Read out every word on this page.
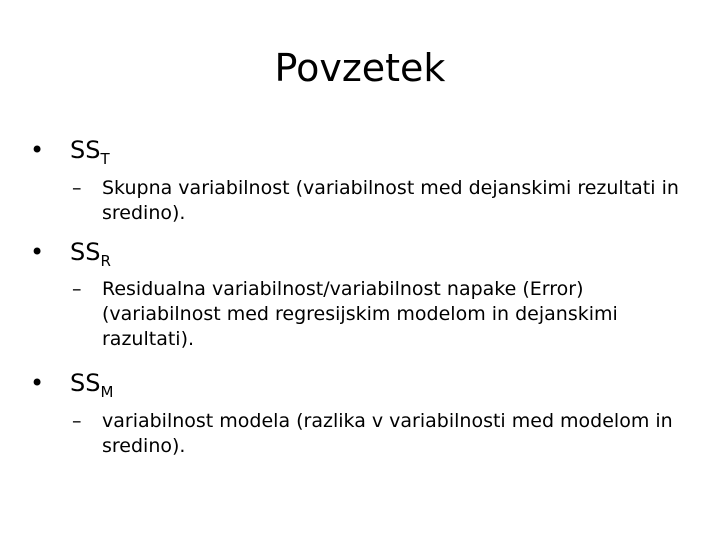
Povzetek
• $SS_T$
–	Skupna variabilnost (variabilnost med dejanskimi rezultati in sredino).
• $SS_R$
–	Residualna variabilnost/variabilnost napake (Error) (variabilnost med regresijskim modelom in dejanskimi razultati).
• $SS_M$
–	variabilnost modela (razlika v variabilnosti med modelom in sredino).
